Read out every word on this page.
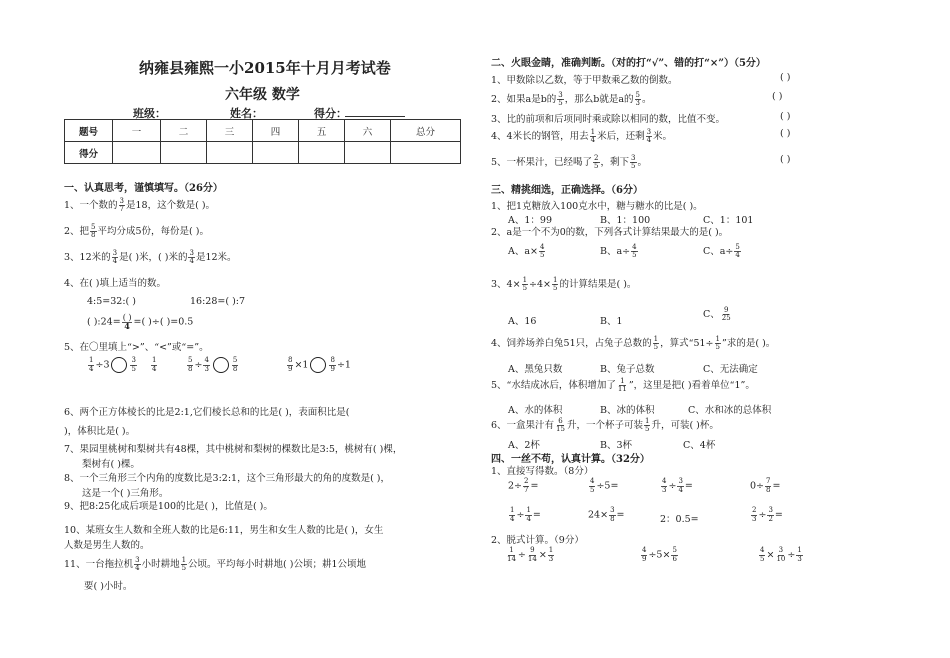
纳雍县雍熙一小2015年十月月考试卷
六年级 数学
班级：	姓名：	得分：
题号	一	二	三	四	五	六	总分
得分							
一、认真思考，谨慎填写。（26分）
1、一个数的 $\frac{3}{7}$ 是18，这个数是( )。
2、把 $\frac{5}{8}$ 平均分成5份，每份是( )。
3、12米的 $\frac{3}{4}$ 是( )米，( )米的 $\frac{3}{4}$ 是12米。
4、在( )填上适当的数。
4:5=32:( )	16:28=( ):7
( ):24= $\frac{( )}{4}$ =( )÷( )=0.5
5、在〇里填上“>”、“<”或“=”。
$\frac{1}{4} \div 3$	$\frac{3}{5} \frac{1}{4}$	$\frac{5}{8} \div \frac{4}{3}$	$\frac{5}{8}$	$\frac{8}{9} \times 1$	$\frac{8}{9} \div 1$
6、两个正方体棱长的比是2:1,它们棱长总和的比是( )，表面积比是(
)，体积比是( )。
7、果园里桃树和梨树共有48棵，其中桃树和梨树的棵数比是3:5，桃树有( )棵，
梨树有( )棵。
8、一个三角形三个内角的度数比是3:2:1，这个三角形最大的角的度数是( )，
这是一个( )三角形。
9、把8:25化成后项是100的比是( )，比值是( )。
10、某班女生人数和全班人数的比是6:11，男生和女生人数的比是( )，女生
人数是男生人数的。
11、一台拖拉机 $\frac{3}{4}$ 小时耕地 $\frac{1}{5}$ 公顷。平均每小时耕地( )公顷；耕1公顷地
要( )小时。
二、火眼金睛，准确判断。（对的打“√”、错的打“×”）（5分）
1、甲数除以乙数，等于甲数乘乙数的倒数。	( )
2、如果a是b的 $\frac{3}{5}$ ，那么b就是a的 $\frac{5}{3}$ 。	( )
3、比的前项和后项同时乘或除以相同的数，比值不变。	( )
4、4米长的钢管，用去 $\frac{1}{4}$ 米后，还剩 $\frac{3}{4}$ 米。	( )
5、一杯果汁，已经喝了 $\frac{2}{5}$ ，剩下 $\frac{3}{5}$ 。	( )
三、精挑细选，正确选择。（6分）
1、把1克糖放入100克水中，糖与糖水的比是( )。
A、1：99	B、1：100	C、1：101
2、a是一个不为0的数，下列各式计算结果最大的是( )。
A、$a\times \frac{4}{5}$	B、$a\div \frac{4}{5}$	C、$a\div \frac{5}{4}$
3、$4\times \frac{1}{5} \div 4\times \frac{1}{5}$ 的计算结果是( )。
A、16	B、1
C、 $\frac{9}{25}$
4、饲养场养白兔51只，占兔子总数的 $\frac{1}{5}$ ，算式“$51\div \frac{1}{5}$ ”求的是( )。
A、黑兔只数	B、兔子总数	C、无法确定
5、“水结成冰后，体积增加了 $\frac{1}{11}$ ”，这里是把( )看着单位“1”。
A、水的体积	B、冰的体积	C、水和冰的总体积
6、一盒果汁有 $\frac{6}{15}$ 升，一个杯子可装 $\frac{1}{5}$ 升，可装( )杯。
A、2杯	B、3杯	C、4杯
四、一丝不苟，认真计算。（32分）
1、直接写得数。（8分）
$2\div \frac{2}{7}$ =	$\frac{4}{5} \div 5=$	$\frac{4}{3} \div \frac{3}{4}$ =	$0\div \frac{7}{8}$ =
$\frac{1}{4} \div \frac{1}{4}$ =	$24\times \frac{3}{8}$ =	2：0.5=	$\frac{2}{3} \div \frac{3}{2}$ =
2、脱式计算。（9分）
$\frac{1}{14} \div \frac{9}{14} \times \frac{1}{3}$	$\frac{4}{9} \div 5\times \frac{5}{6}$	$\frac{4}{5} \times \frac{3}{10} \div \frac{1}{3}$
